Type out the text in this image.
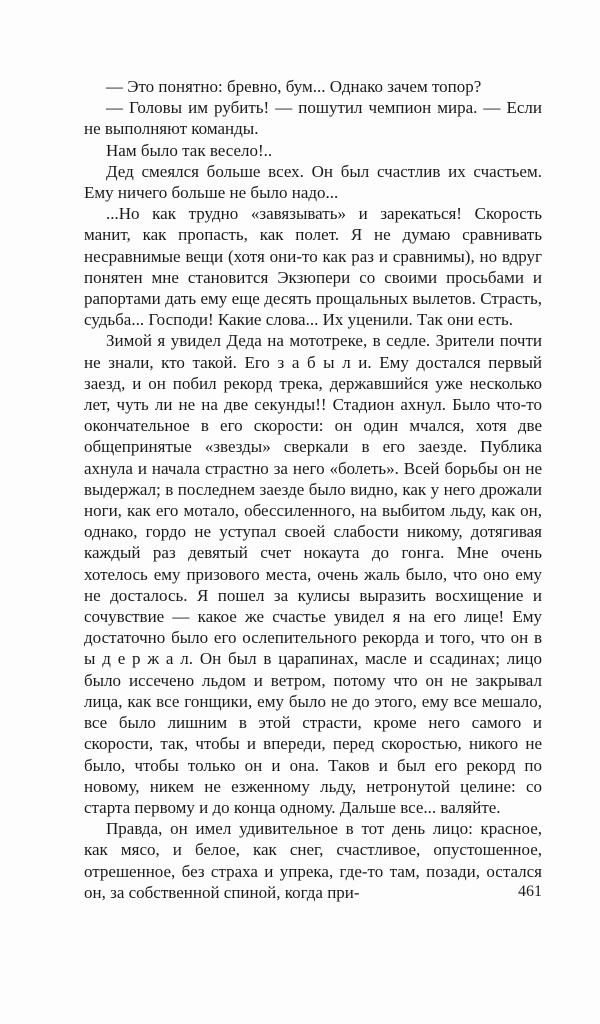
— Это понятно: бревно, бум... Однако зачем топор?

— Головы им рубить! — пошутил чемпион мира. — Если не выполняют команды.

Нам было так весело!..

Дед смеялся больше всех. Он был счастлив их счастьем. Ему ничего больше не было надо...

...Но как трудно «завязывать» и зарекаться! Скорость манит, как пропасть, как полет. Я не думаю сравнивать несравнимые вещи (хотя они-то как раз и сравнимы), но вдруг понятен мне становится Экзюпери со своими просьбами и рапортами дать ему еще десять прощальных вылетов. Страсть, судьба... Господи! Какие слова... Их уценили. Так они есть.

Зимой я увидел Деда на мототреке, в седле. Зрители почти не знали, кто такой. Его з а б ы л и. Ему достался первый заезд, и он побил рекорд трека, державшийся уже несколько лет, чуть ли не на две секунды!! Стадион ахнул. Было что-то окончательное в его скорости: он один мчался, хотя две общепринятые «звезды» сверкали в его заезде. Публика ахнула и начала страстно за него «болеть». Всей борьбы он не выдержал; в последнем заезде было видно, как у него дрожали ноги, как его мотало, обессиленного, на выбитом льду, как он, однако, гордо не уступал своей слабости никому, дотягивая каждый раз девятый счет нокаута до гонга. Мне очень хотелось ему призового места, очень жаль было, что оно ему не досталось. Я пошел за кулисы выразить восхищение и сочувствие — какое же счастье увидел я на его лице! Ему достаточно было его ослепительного рекорда и того, что он в ы д е р ж а л. Он был в царапинах, масле и ссадинах; лицо было иссечено льдом и ветром, потому что он не закрывал лица, как все гонщики, ему было не до этого, ему все мешало, все было лишним в этой страсти, кроме него самого и скорости, так, чтобы и впереди, перед скоростью, никого не было, чтобы только он и она. Таков и был его рекорд по новому, никем не езженному льду, нетронутой целине: со старта первому и до конца одному. Дальше все... валяйте.

Правда, он имел удивительное в тот день лицо: красное, как мясо, и белое, как снег, счастливое, опустошенное, отрешенное, без страха и упрека, где-то там, позади, остался он, за собственной спиной, когда при-	461
